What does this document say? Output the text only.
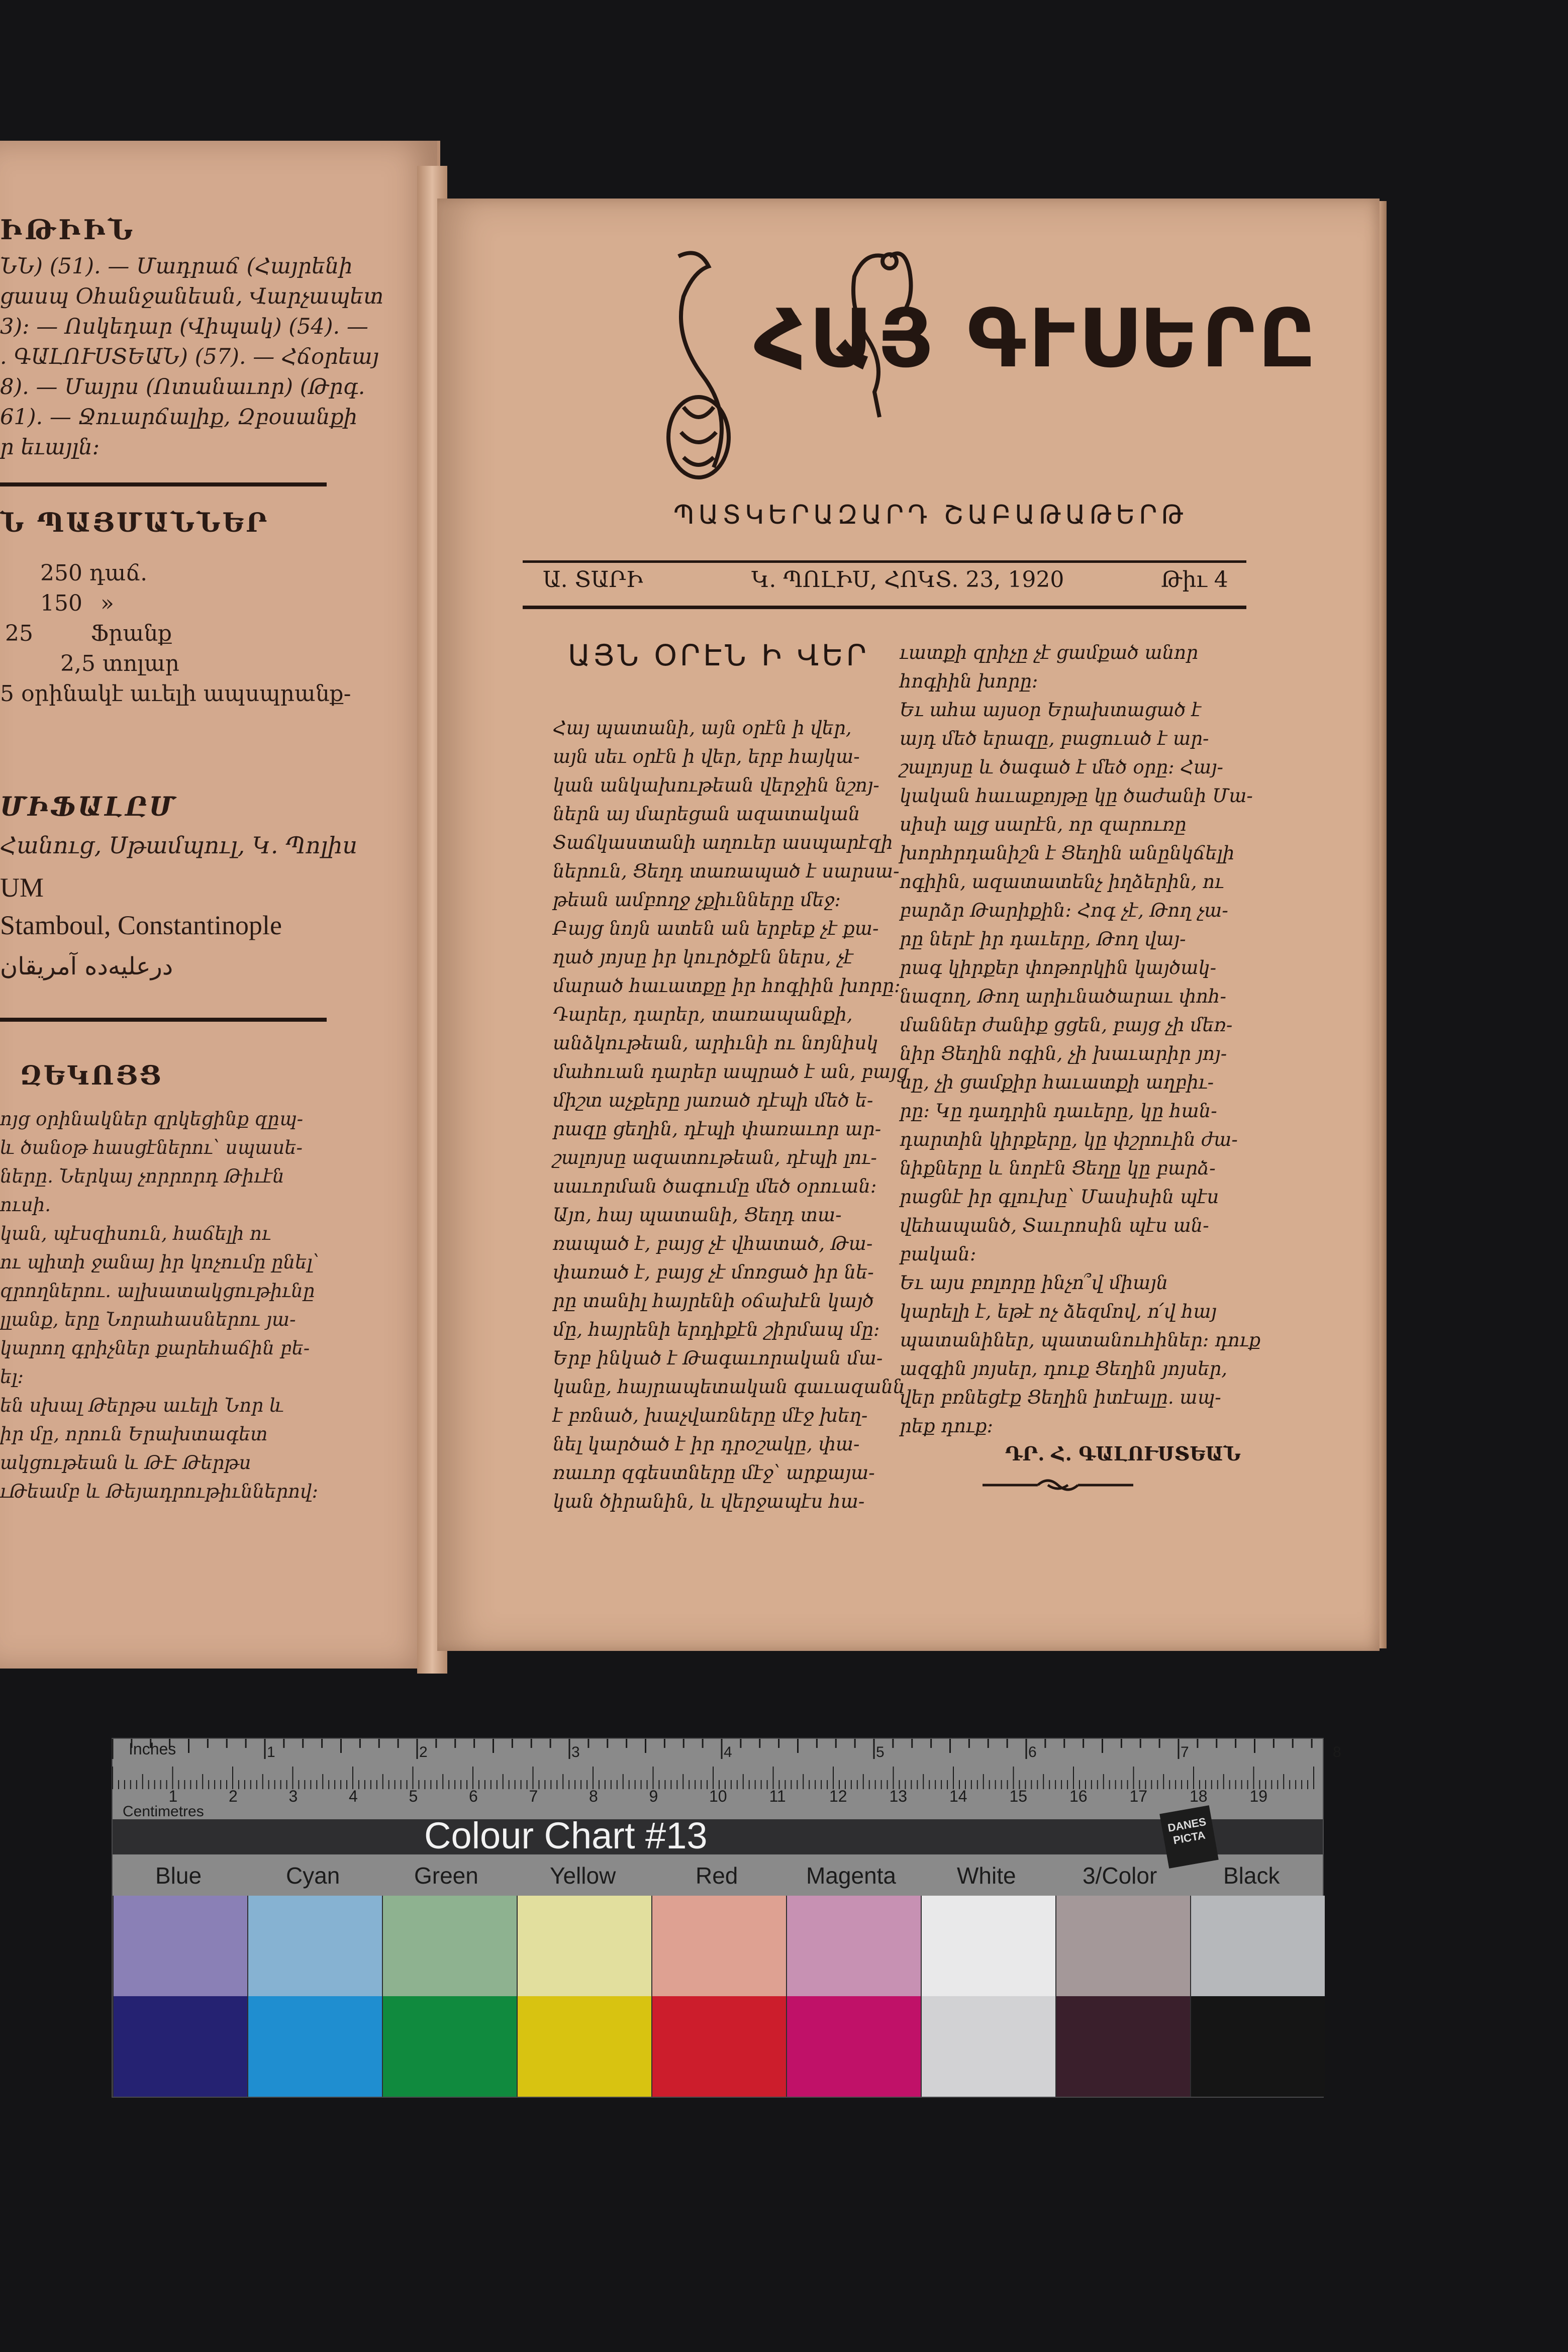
ԻԹԻԻՆ
ՆՆ) (51). — Մադրաճ (Հայրենի
ցասպ Օհանջանեան, Վարչապետ
3): — Ոսկեդար (Վիպակ) (54). —
. ԳԱԼՈՒՍՏԵԱՆ) (57). — Հճօրեայ
8). — Մայրս (Ոտանաւոր) (Թրգ.
61). — Ջուարճալիք, Զբօսանքի
ր եւայլն:
Ն ՊԱՅՄԱՆՆԵՐ
250 դաճ.
150 »
25	Ֆրանք
2,5 տոլար
5 օրինակէ աւելի ապսպրանք-
ՄԻՖԱԼԸՄ
Հանուց, Սթամպուլ, Կ. Պոլիս
UM
Stamboul, Constantinople
درعليه‌ده آمريقان
ԶԵԿՈՅՑ
ոյց օրինակներ զրկեցինք զըպ-
և ծանօթ հասցէներու՝ սպասե-
ները. Ներկայ չորրորդ Թիւէն
ուսի.
կան, պէսզիսուն, հաճելի ու
ու պիտի ջանայ իր կոչումը ընել՝
զրողներու. ալխատակցութիւնը
լլանք, երը Նորահասներու յա-
կարող գրիչներ քարեհաճին բե-
ել:
են սխալ Թերթս աւելի Նոր և
իր մը, որուն Երախտագետ
ակցութեան և ԹԷ Թերթս
ւԹեամբ և Թեյադրութիւններով:
ՀԱՅ ԳՒՍԵՐԸ
ՊԱՏԿԵՐԱԶԱՐԴ ՇԱԲԱԹԱԹԵՐԹ
Ա. ՏԱՐԻ	Կ. ՊՈԼԻՍ, ՀՈԿՏ. 23, 1920	Թիւ 4
ԱՅՆ ՕՐԷՆ Ի ՎԵՐ
Հայ պատանի, այն օրէն ի վեր,
այն սեւ օրէն ի վեր, երբ հայկա-
կան անկախութեան վերջին նշոյ-
ներն այ մարեցան ազատական
Տաճկաստանի աղուեր ասպարէզի
ներուն, Ցեղդ տառապած է սարսա-
թեան ամբողջ չքիւնները մեջ:
Բայց նոյն ատեն ան երբեք չէ քա-
ղած յոյսը իր կուրծքէն ներս, չէ
մարած հաւատքը իր հոգիին խորը:
Դարեր, դարեր, տառապանքի,
անձկութեան, արիւնի ու նոյնիսկ
մահուան դարեր ապրած է ան, բայց
միշտ աչքերը յառած դէպի մեծ ե-
րազը ցեղին, դէպի փառաւոր ար-
շալոյսը ազատութեան, դէպի լու-
սաւորման ծագումը մեծ օրուան:
Այո, հայ պատանի, Ցեղդ տա-
ռապած է, բայց չէ վհատած, Թա-
փառած է, բայց չէ մոռցած իր նե-
րը տանիլ հայրենի օճախէն կայծ
մը, հայրենի երդիքէն շիրմապ մը:
Երբ ինկած է Թագաւորական մա-
կանը, հայրապետական գաւազանն
է բռնած, խաչվառները մէջ խեղ-
նել կարծած է իր դրօշակը, փա-
ռաւոր զգեստները մէջ՝ արքայա-
կան ծիրանին, և վերջապէս հա-
ւատքի զրիչը չէ ցամքած անոր
հոգիին խորը:
Եւ ահա այսօր Երախտացած է
այդ մեծ երազը, բացուած է ար-
շալոյսը և ծագած է մեծ օրը: Հայ-
կական հաւաքոյթը կը ծաժանի Մա-
սիսի ալց սարէն, որ զարուռը
խորհրդանիշն է Ցեղին անընկճելի
ոգիին, ազատատենչ իղձերին, ու
բարձր Թարիքին: Հոգ չէ, Թող չա-
րը ներէ իր դաւերը, Թող վայ-
րագ կիրքեր փոթորկին կայծակ-
նազող, Թող արիւնածարաւ փոհ-
մաններ ժանիք ցցեն, բայց չի մեռ-
նիր Ցեղին ոգին, չի խաւարիր յոյ-
սը, չի ցամքիր հաւատքի աղբիւ-
րը: Կը դադրին դաւերը, կը հան-
դարտին կիրքերը, կը փշրուին ժա-
նիքները և նորէն Ցեղը կը բարձ-
րացնէ իր գլուխը՝ Մասիսին պէս
վեհապանծ, Տաւրոսին պէս ան-
բական:
Եւ այս բոլորը ինչո՞վ միայն
կարելի է, եթէ ոչ ձեզմով, ո՛վ հայ
պատանիներ, պատանուհիներ: դուք
ազգին յոյսեր, դուք Ցեղին յոյսեր,
վեր բռնեցէք Ցեղին իտէալը. ապ-
րեք դուք:
ԴՐ. Հ. ԳԱԼՈՒՍՏԵԱՆ
1	2	3	4	5	6	7	8
1	2	3	4	5	6	7	8	9	10	11	12	13	14	15	16	17	18	19
Inches
Centimetres
Colour Chart #13	DANES PICTA
Blue	Cyan	Green	Yellow	Red	Magenta	White	3/Color	Black
